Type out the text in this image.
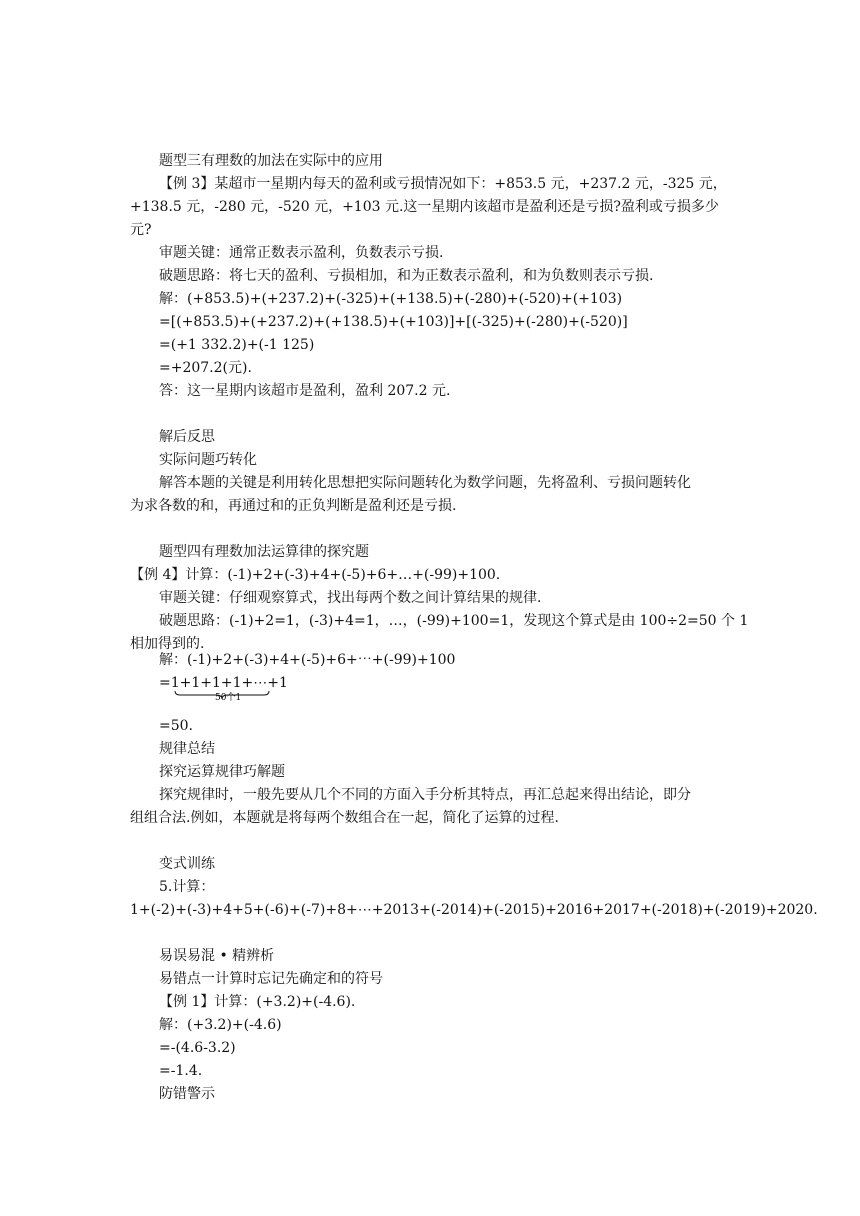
题型三有理数的加法在实际中的应用
【例 3】某超市一星期内每天的盈利或亏损情况如下：+853.5 元，+237.2 元，-325 元，
+138.5 元，-280 元，-520 元，+103 元.这一星期内该超市是盈利还是亏损?盈利或亏损多少
元?
审题关键：通常正数表示盈利，负数表示亏损.
破题思路：将七天的盈利、亏损相加，和为正数表示盈利，和为负数则表示亏损.
解：(+853.5)+(+237.2)+(-325)+(+138.5)+(-280)+(-520)+(+103)
=[(+853.5)+(+237.2)+(+138.5)+(+103)]+[(-325)+(-280)+(-520)]
=(+1 332.2)+(-1 125)
=+207.2(元).
答：这一星期内该超市是盈利，盈利 207.2 元.
解后反思
实际问题巧转化
解答本题的关键是利用转化思想把实际问题转化为数学问题，先将盈利、亏损问题转化
为求各数的和，再通过和的正负判断是盈利还是亏损.
题型四有理数加法运算律的探究题
【例 4】计算：(-1)+2+(-3)+4+(-5)+6+…+(-99)+100.
审题关键：仔细观察算式，找出每两个数之间计算结果的规律.
破题思路：(-1)+2=1，(-3)+4=1，…，(-99)+100=1，发现这个算式是由 100÷2=50 个 1
相加得到的.
解：(-1)+2+(-3)+4+(-5)+6+⋯+(-99)+100
=1+1+1+1+⋯+1
50个1
=50.
规律总结
探究运算规律巧解题
探究规律时，一般先要从几个不同的方面入手分析其特点，再汇总起来得出结论，即分
组组合法.例如，本题就是将每两个数组合在一起，简化了运算的过程.
变式训练
5.计算：
1+(-2)+(-3)+4+5+(-6)+(-7)+8+⋯+2013+(-2014)+(-2015)+2016+2017+(-2018)+(-2019)+2020.
易误易混 • 精辨析
易错点一计算时忘记先确定和的符号
【例 1】计算：(+3.2)+(-4.6).
解：(+3.2)+(-4.6)
=-(4.6-3.2)
=-1.4.
防错警示
